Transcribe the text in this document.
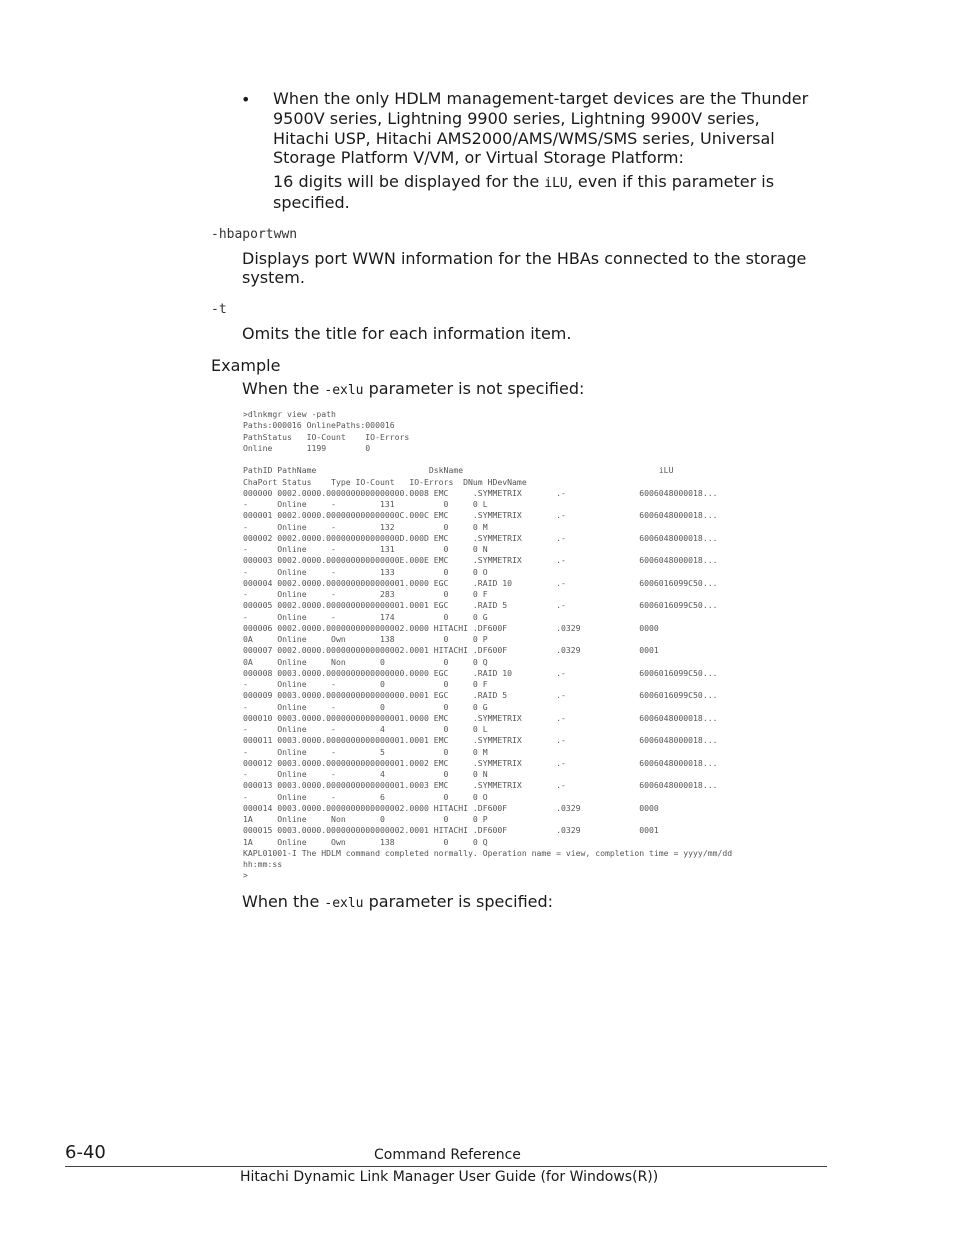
• When the only HDLM management-target devices are the Thunder
9500V series, Lightning 9900 series, Lightning 9900V series,
Hitachi USP, Hitachi AMS2000/AMS/WMS/SMS series, Universal
Storage Platform V/VM, or Virtual Storage Platform:
16 digits will be displayed for the iLU, even if this parameter is
specified.
-hbaportwwn
Displays port WWN information for the HBAs connected to the storage
system.
-t
Omits the title for each information item.
Example
When the -exlu parameter is not specified:
>dlnkmgr view -path
Paths:000016 OnlinePaths:000016
PathStatus   IO-Count    IO-Errors
Online       1199        0

PathID PathName                       DskName                                        iLU
ChaPort Status    Type IO-Count   IO-Errors  DNum HDevName
000000 0002.0000.0000000000000000.0008 EMC     .SYMMETRIX       .-               6006048000018...
-      Online     -         131          0     0 L
000001 0002.0000.000000000000000C.000C EMC     .SYMMETRIX       .-               6006048000018...
-      Online     -         132          0     0 M
000002 0002.0000.000000000000000D.000D EMC     .SYMMETRIX       .-               6006048000018...
-      Online     -         131          0     0 N
000003 0002.0000.000000000000000E.000E EMC     .SYMMETRIX       .-               6006048000018...
-      Online     -         133          0     0 O
000004 0002.0000.0000000000000001.0000 EGC     .RAID 10         .-               6006016099C50...
-      Online     -         283          0     0 F
000005 0002.0000.0000000000000001.0001 EGC     .RAID 5          .-               6006016099C50...
-      Online     -         174          0     0 G
000006 0002.0000.0000000000000002.0000 HITACHI .DF600F          .0329            0000
0A     Online     Own       138          0     0 P
000007 0002.0000.0000000000000002.0001 HITACHI .DF600F          .0329            0001
0A     Online     Non       0            0     0 Q
000008 0003.0000.0000000000000000.0000 EGC     .RAID 10         .-               6006016099C50...
-      Online     -         0            0     0 F
000009 0003.0000.0000000000000000.0001 EGC     .RAID 5          .-               6006016099C50...
-      Online     -         0            0     0 G
000010 0003.0000.0000000000000001.0000 EMC     .SYMMETRIX       .-               6006048000018...
-      Online     -         4            0     0 L
000011 0003.0000.0000000000000001.0001 EMC     .SYMMETRIX       .-               6006048000018...
-      Online     -         5            0     0 M
000012 0003.0000.0000000000000001.0002 EMC     .SYMMETRIX       .-               6006048000018...
-      Online     -         4            0     0 N
000013 0003.0000.0000000000000001.0003 EMC     .SYMMETRIX       .-               6006048000018...
-      Online     -         6            0     0 O
000014 0003.0000.0000000000000002.0000 HITACHI .DF600F          .0329            0000
1A     Online     Non       0            0     0 P
000015 0003.0000.0000000000000002.0001 HITACHI .DF600F          .0329            0001
1A     Online     Own       138          0     0 Q
KAPL01001-I The HDLM command completed normally. Operation name = view, completion time = yyyy/mm/dd
hh:mm:ss
>
When the -exlu parameter is specified:
6-40	Command Reference
Hitachi Dynamic Link Manager User Guide (for Windows(R))
